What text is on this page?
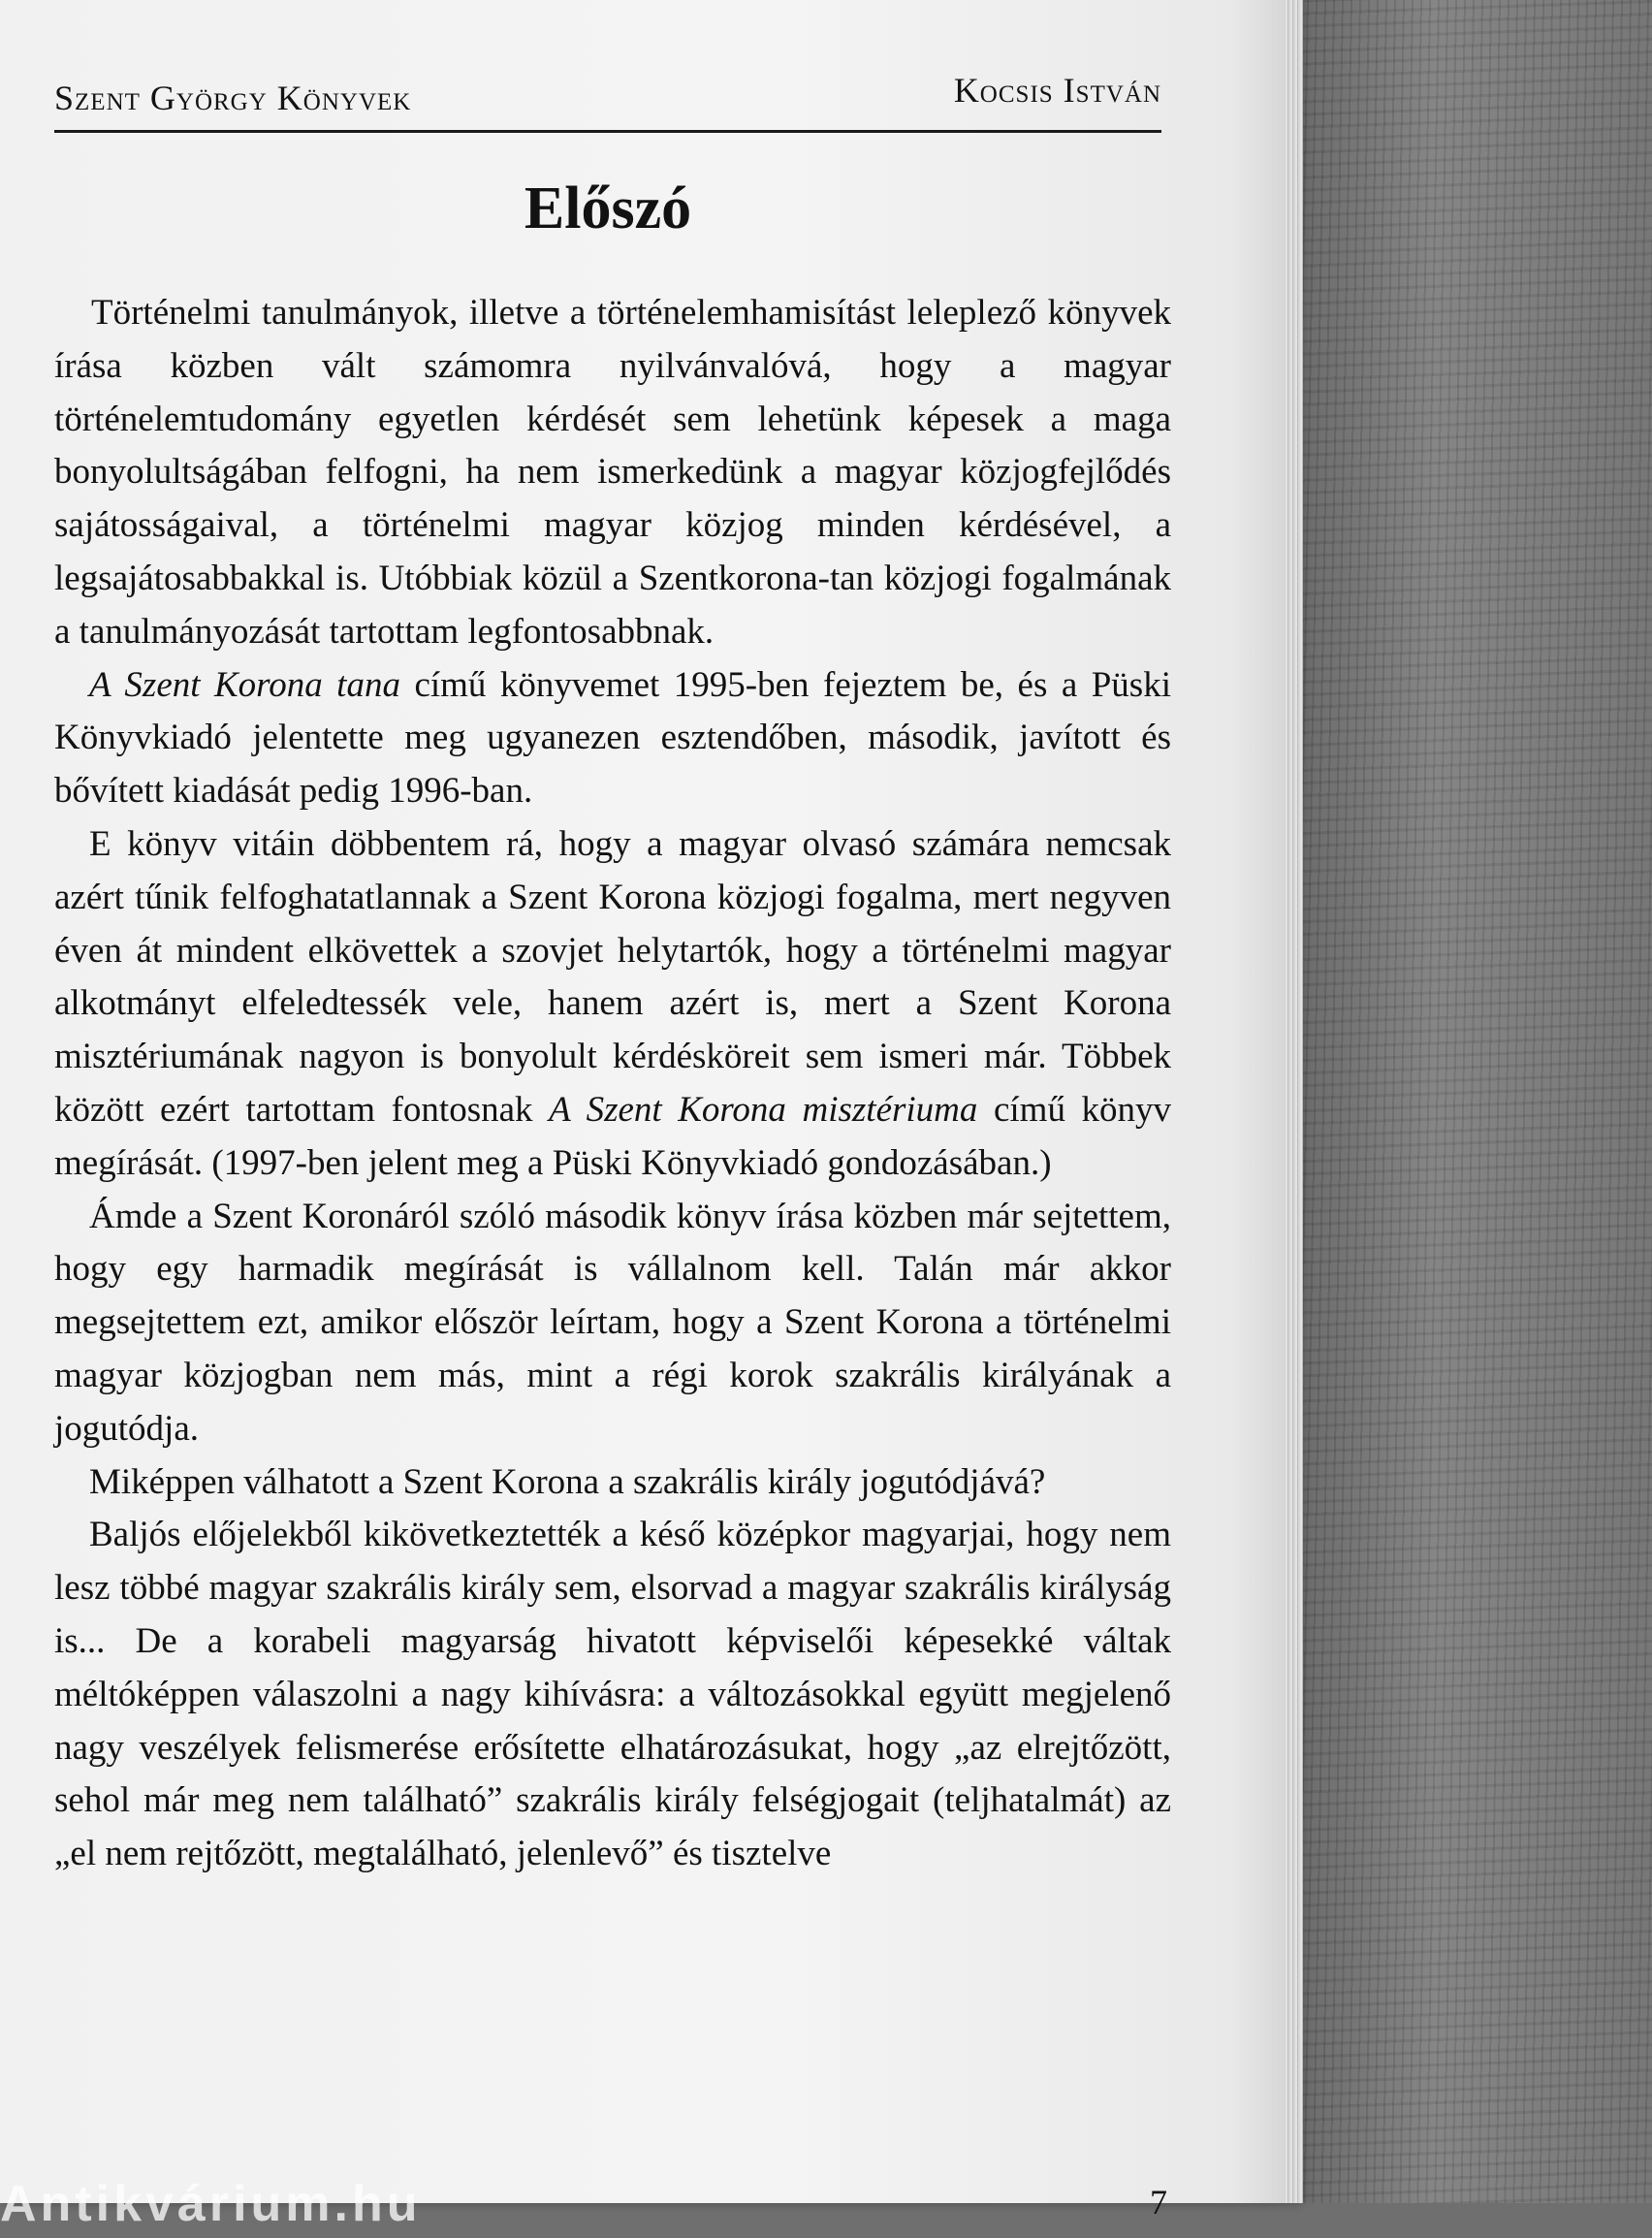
Szent György Könyvek	Kocsis István
Előszó

Történelmi tanulmányok, illetve a történelemhamisítást leleplező könyvek írása közben vált számomra nyilvánvalóvá, hogy a magyar történelemtudomány egyetlen kérdését sem lehetünk képesek a maga bonyolultságában felfogni, ha nem ismerkedünk a magyar közjogfejlődés sajátosságaival, a történelmi magyar közjog minden kérdésével, a legsajátosabbakkal is. Utóbbiak közül a Szentkorona-tan közjogi fogalmának a tanulmányozását tartottam legfontosabbnak.

A Szent Korona tana című könyvemet 1995-ben fejeztem be, és a Püski Könyvkiadó jelentette meg ugyanezen esztendőben, második, javított és bővített kiadását pedig 1996-ban.

E könyv vitáin döbbentem rá, hogy a magyar olvasó számára nemcsak azért tűnik felfoghatatlannak a Szent Korona közjogi fogalma, mert negyven éven át mindent elkövettek a szovjet helytartók, hogy a történelmi magyar alkotmányt elfeledtessék vele, hanem azért is, mert a Szent Korona misztériumának nagyon is bonyolult kérdésköreit sem ismeri már. Többek között ezért tartottam fontosnak A Szent Korona misztériuma című könyv megírását. (1997-ben jelent meg a Püski Könyvkiadó gondozásában.)

Ámde a Szent Koronáról szóló második könyv írása közben már sejtettem, hogy egy harmadik megírását is vállalnom kell. Talán már akkor megsejtettem ezt, amikor először leírtam, hogy a Szent Korona a történelmi magyar közjogban nem más, mint a régi korok szakrális királyának a jogutódja.

Miképpen válhatott a Szent Korona a szakrális király jogutódjává?

Baljós előjelekből kikövetkeztették a késő középkor magyarjai, hogy nem lesz többé magyar szakrális király sem, elsorvad a magyar szakrális királyság is... De a korabeli magyarság hivatott képviselői képesekké váltak méltóképpen válaszolni a nagy kihívásra: a változásokkal együtt megjelenő nagy veszélyek felismerése erősítette elhatározásukat, hogy „az elrejtőzött, sehol már meg nem található” szakrális király felségjogait (teljhatalmát) az „el nem rejtőzött, megtalálható, jelenlevő” és tisztelve

7
Antikvárium.hu
